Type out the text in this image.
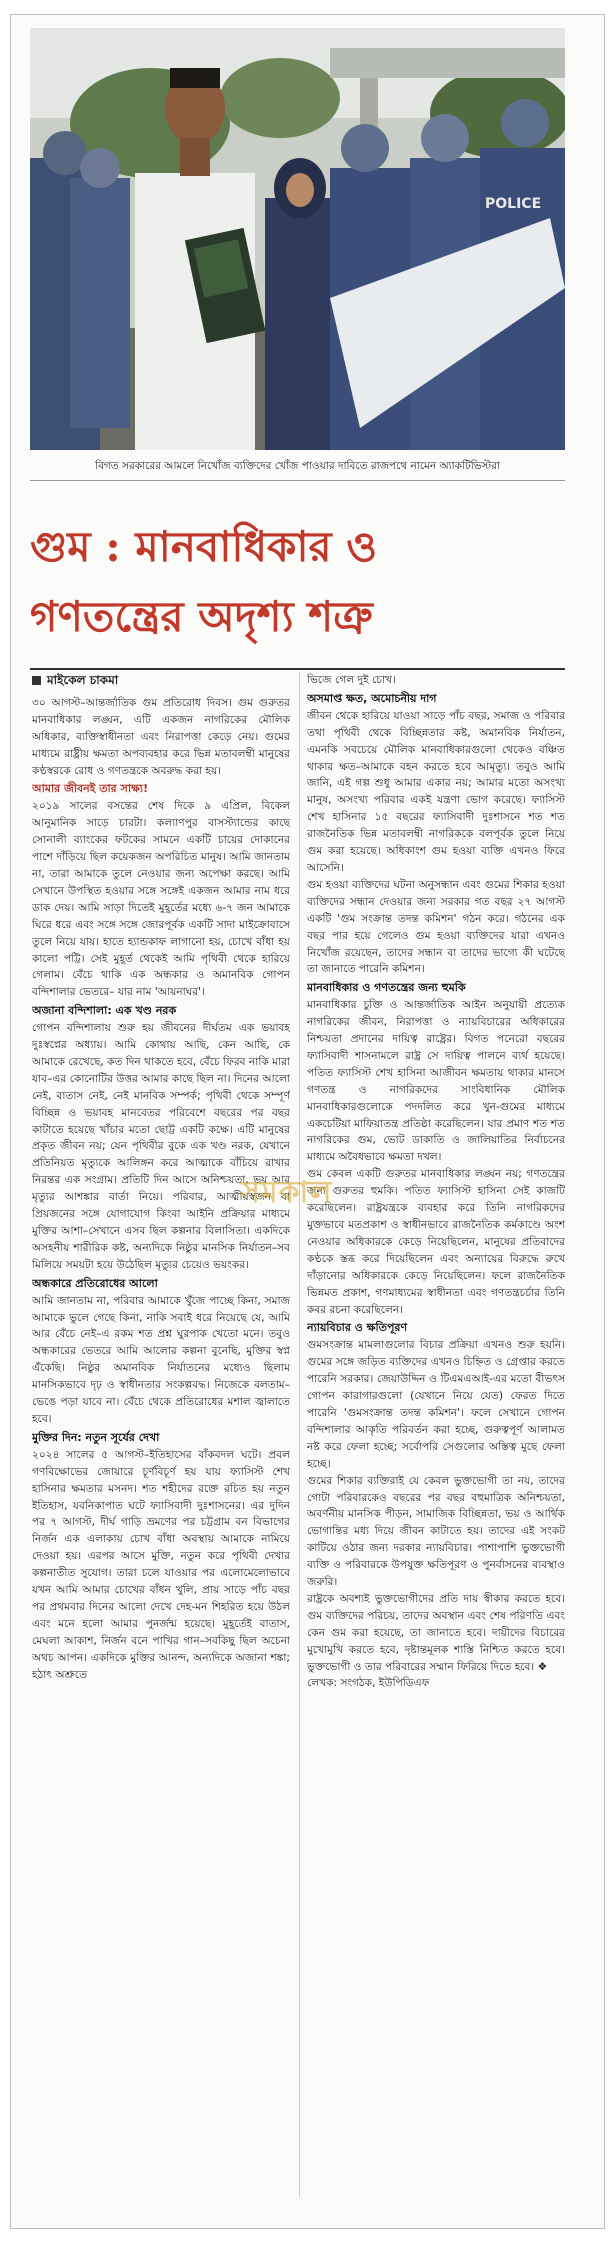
POLICE
বিগত সরকারের আমলে নিখোঁজ ব্যক্তিদের খোঁজ পাওয়ার দাবিতে রাজপথে নামেন অ্যাকটিভিস্টরা
গুম : মানবাধিকার ও
গণতন্ত্রের অদৃশ্য শত্রু
মাইকেল চাকমা

৩০ আগস্ট–আন্তর্জাতিক গুম প্রতিরোধ দিবস। গুম গুরুতর মানবাধিকার লঙ্ঘন, এটি একজন নাগরিকের মৌলিক অধিকার, ব্যক্তিস্বাধীনতা এবং নিরাপত্তা কেড়ে নেয়। গুমের মাধ্যমে রাষ্ট্রীয় ক্ষমতা অপব্যবহার করে ভিন্ন মতাবলম্বী মানুষের কণ্ঠস্বরকে রোধ ও গণতন্ত্রকে অবরুদ্ধ করা হয়।

আমার জীবনই তার সাক্ষ্য!

২০১৯ সালের বসন্তের শেষ দিকে ৯ এপ্রিল, বিকেল আনুমানিক সাড়ে চারটা। কল্যাণপুর বাসস্ট্যান্ডের কাছে সোনালী ব্যাংকের ফটকের সামনে একটি চায়ের দোকানের পাশে দাঁড়িয়ে ছিল কয়েকজন অপরিচিত মানুষ। আমি জানতাম না, তারা আমাকে তুলে নেওয়ার জন্য অপেক্ষা করছে। আমি সেখানে উপস্থিত হওয়ার সঙ্গে সঙ্গেই একজন আমার নাম ধরে ডাক দেয়। আমি সাড়া দিতেই মুহূর্তের মধ্যে ৬-৭ জন আমাকে ঘিরে ধরে এবং সঙ্গে সঙ্গে জোরপূর্বক একটি সাদা মাইক্রোবাসে তুলে নিয়ে যায়। হাতে হ্যান্ডকাফ লাগানো হয়, চোখে বাঁধা হয় কালো পট্টি। সেই মুহূর্ত থেকেই আমি পৃথিবী থেকে হারিয়ে গেলাম। বেঁচে থাকি এক অন্ধকার ও অমানবিক গোপন বন্দিশালার ভেতরে– যার নাম 'আয়নাঘর'।

অজানা বন্দিশালা: এক খণ্ড নরক

গোপন বন্দিশালায় শুরু হয় জীবনের দীর্ঘতম এক ভয়াবহ দুঃস্বপ্নের অধ্যায়। আমি কোথায় আছি, কেন আছি, কে আমাকে রেখেছে, কত দিন থাকতে হবে, বেঁচে ফিরব নাকি মারা যাব–এর কোনোটির উত্তর আমার কাছে ছিল না। দিনের আলো নেই, বাতাস নেই, নেই মানবিক সম্পর্ক; পৃথিবী থেকে সম্পূর্ণ বিচ্ছিন্ন ও ভয়াবহ মানবেতর পরিবেশে বছরের পর বছর কাটাতে হয়েছে খাঁচার মতো ছোট্ট একটি কক্ষে। এটি মানুষের প্রকৃত জীবন নয়; যেন পৃথিবীর বুকে এক খণ্ড নরক, যেখানে প্রতিনিয়ত মৃত্যুকে আলিঙ্গন করে আত্মাকে বাঁচিয়ে রাখার নিরন্তর এক সংগ্রাম। প্রতিটি দিন আসে অনিশ্চয়তা, ভয় আর মৃত্যুর আশঙ্কার বার্তা নিয়ে। পরিবার, আত্মীয়স্বজন বা প্রিয়জনের সঙ্গে যোগাযোগ কিংবা আইনি প্রক্রিয়ার মাধ্যমে মুক্তির আশা–সেখানে এসব ছিল কল্পনার বিলাসিতা। একদিকে অসহনীয় শারীরিক কষ্ট, অন্যদিকে নিষ্ঠুর মানসিক নির্যাতন–সব মিলিয়ে সময়টা হয়ে উঠেছিল মৃত্যুর চেয়েও ভয়ংকর।

অন্ধকারে প্রতিরোধের আলো

আমি জানতাম না, পরিবার আমাকে খুঁজে পাচ্ছে কিনা, সমাজ আমাকে ভুলে গেছে কিনা, নাকি সবাই ধরে নিয়েছে যে, আমি আর বেঁচে নেই–এ রকম শত প্রশ্ন ঘুরপাক খেতো মনে। তবুও অন্ধকারের ভেতরে আমি আলোর কল্পনা বুনেছি, মুক্তির স্বপ্ন এঁকেছি। নিষ্ঠুর অমানবিক নির্যাতনের মধ্যেও ছিলাম মানসিকভাবে দৃঢ় ও স্বাধীনতার সংকল্পবদ্ধ। নিজেকে বলতাম–ভেঙে পড়া যাবে না। বেঁচে থেকে প্রতিরোধের মশাল জ্বালাতে হবে।

মুক্তির দিন: নতুন সূর্যের দেখা

২০২৪ সালের ৫ আগস্ট–ইতিহাসের বাঁকবদল ঘটে। প্রবল গণবিক্ষোভের জোয়ারে চূর্ণবিচূর্ণ হয় যায় ফ্যাসিস্ট শেখ হাসিনার ক্ষমতার মসনদ। শত শহীদের রক্তে রচিত হয় নতুন ইতিহাস, যবনিকাপাত ঘটে ফ্যাসিবাদী দুঃশাসনের। এর দুদিন পর ৭ আগস্ট, দীর্ঘ গাড়ি ভ্রমণের পর চট্টগ্রাম বন বিভাগের নির্জন এক এলাকায় চোখ বাঁধা অবস্থায় আমাকে নামিয়ে দেওয়া হয়। এরপর আসে মুক্তি, নতুন করে পৃথিবী দেখার কল্পনাতীত সুযোগ। তারা চলে যাওয়ার পর এলোমেলোভাবে যখন আমি আমার চোখের বাঁধন খুলি, প্রায় সাড়ে পাঁচ বছর পর প্রথমবার দিনের আলো দেখে দেহ-মন শিহরিত হয়ে উঠল এবং মনে হলো আমার পুনর্জন্ম হয়েছে। মুহূর্তেই বাতাস, মেঘলা আকাশ, নির্জন বনে পাখির গান–সবকিছু ছিল অচেনা অথচ আপন। একদিকে মুক্তির আনন্দ, অন্যদিকে অজানা শঙ্কা; হঠাৎ অশ্রুতে

ভিজে গেল দুই চোখ।

অসমাপ্ত ক্ষত, অমোচনীয় দাগ

জীবন থেকে হারিয়ে যাওয়া সাড়ে পাঁচ বছর, সমাজ ও পরিবার তথা পৃথিবী থেকে বিচ্ছিন্নতার কষ্ট, অমানবিক নির্যাতন, এমনকি সবচেয়ে মৌলিক মানবাধিকারগুলো থেকেও বঞ্চিত থাকার ক্ষত–আমাকে বহন করতে হবে আমৃত্যু। তবুও আমি জানি, এই গল্প শুধু আমার একার নয়; আমার মতো অসংখ্য মানুষ, অসংখ্য পরিবার একই যন্ত্রণা ভোগ করেছে। ফ্যাসিস্ট শেখ হাসিনার ১৫ বছরের ফ্যাসিবাদী দুঃশাসনে শত শত রাজনৈতিক ভিন্ন মতাবলম্বী নাগরিককে বলপূর্বক তুলে নিয়ে গুম করা হয়েছে। অধিকাংশ গুম হওয়া ব্যক্তি এখনও ফিরে আসেনি।

গুম হওয়া ব্যক্তিদের ঘটনা অনুসন্ধান এবং গুমের শিকার হওয়া ব্যক্তিদের সন্ধান দেওয়ার জন্য সরকার গত বছর ২৭ আগস্ট একটি 'গুম সংক্রান্ত তদন্ত কমিশন' গঠন করে। গঠনের এক বছর পার হয়ে গেলেও গুম হওয়া ব্যক্তিদের যারা এখনও নিখোঁজ রয়েছেন, তাদের সন্ধান বা তাদের ভাগ্যে কী ঘটেছে তা জানাতে পারেনি কমিশন।

মানবাধিকার ও গণতন্ত্রের জন্য হুমকি

মানবাধিকার চুক্তি ও আন্তর্জাতিক আইন অনুযায়ী প্রত্যেক নাগরিকের জীবন, নিরাপত্তা ও ন্যায়বিচারের অধিকারের নিশ্চয়তা প্রদানের দায়িত্ব রাষ্ট্রের। বিগত পনেরো বছরের ফ্যাসিবাদী শাসনামলে রাষ্ট্র সে দায়িত্ব পালনে ব্যর্থ হয়েছে। পতিত ফ্যাসিস্ট শেখ হাসিনা আজীবন ক্ষমতায় থাকার মানসে গণতন্ত্র ও নাগরিকদের সাংবিধানিক মৌলিক মানবাধিকারগুলোকে পদদলিত করে খুন-গুমের মাধ্যমে একচেটিয়া মাফিয়াতন্ত্র প্রতিষ্ঠা করেছিলেন। যার প্রমাণ শত শত নাগরিকের গুম, ভোট ডাকাতি ও জালিয়াতির নির্বাচনের মাধ্যমে অবৈধভাবে ক্ষমতা দখল।

গুম কেবল একটি গুরুতর মানবাধিকার লঙ্ঘন নয়; গণতন্ত্রের জন্য গুরুতর হুমকি। পতিত ফ্যাসিস্ট হাসিনা সেই কাজটি করেছিলেন। রাষ্ট্রযন্ত্রকে ব্যবহার করে তিনি নাগরিকদের মুক্তভাবে মতপ্রকাশ ও স্বাধীনভাবে রাজনৈতিক কর্মকাণ্ডে অংশ নেওয়ার অধিকারকে কেড়ে নিয়েছিলেন, মানুষের প্রতিবাদের কণ্ঠকে স্তব্ধ করে দিয়েছিলেন এবং অন্যায়ের বিরুদ্ধে রুখে দাঁড়ানোর অধিকারকে কেড়ে নিয়েছিলেন। ফলে রাজনৈতিক ভিন্নমত প্রকাশ, গণমাধ্যমের স্বাধীনতা এবং গণতন্ত্রচর্চার তিনি কবর রচনা করেছিলেন।

ন্যায়বিচার ও ক্ষতিপূরণ

গুমসংক্রান্ত মামলাগুলোর বিচার প্রক্রিয়া এখনও শুরু হয়নি। গুমের সঙ্গে জড়িত ব্যক্তিদের এখনও চিহ্নিত ও গ্রেপ্তার করতে পারেনি সরকার। জেয়াউদ্দিন ও টিএমএআই-এর মতো বীভৎস গোপন কারাগারগুলো (যেখানে নিয়ে যেত) ফেরত দিতে পারেনি 'গুমসংক্রান্ত তদন্ত কমিশন'। ফলে সেখানে গোপন বন্দিশালার আকৃতি পরিবর্তন করা হচ্ছে, গুরুত্বপূর্ণ আলামত নষ্ট করে ফেলা হচ্ছে; সর্বোপরি সেগুলোর অস্তিত্ব মুছে ফেলা হচ্ছে।

গুমের শিকার ব্যক্তিরাই যে কেবল ভুক্তভোগী তা নয়, তাদের গোটা পরিবারকেও বছরের পর বছর বহুমাত্রিক অনিশ্চয়তা, অবর্ণনীয় মানসিক পীড়ন, সামাজিক বিচ্ছিন্নতা, ভয় ও আর্থিক ভোগান্তির মধ্য দিয়ে জীবন কাটাতে হয়। তাদের এই সংকট কাটিয়ে ওঠার জন্য দরকার ন্যায়বিচার। পাশাপাশি ভুক্তভোগী ব্যক্তি ও পরিবারকে উপযুক্ত ক্ষতিপূরণ ও পুনর্বাসনের ব্যবস্থাও জরুরি।

রাষ্ট্রকে অবশ্যই ভুক্তভোগীদের প্রতি দায় স্বীকার করতে হবে। গুম ব্যক্তিদের পরিচয়, তাদের অবস্থান এবং শেষ পরিণতি এবং কেন গুম করা হয়েছে, তা জানাতে হবে। দায়ীদের বিচারের মুখোমুখি করতে হবে, দৃষ্টান্তমূলক শাস্তি নিশ্চিত করতে হবে। ভুক্তভোগী ও তার পরিবারের সম্মান ফিরিয়ে দিতে হবে। ❖

লেখক: সংগঠক, ইউপিডিএফ

সমকাল
